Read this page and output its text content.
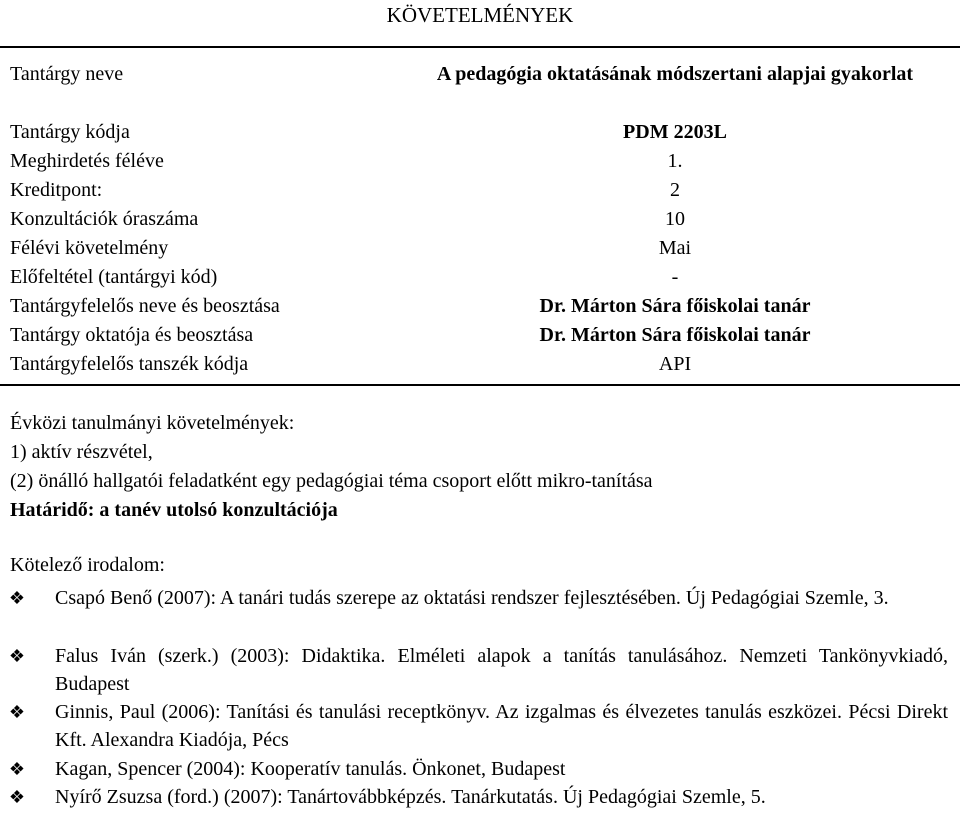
KÖVETELMÉNYEK
Tantárgy neve	A pedagógia oktatásának módszertani alapjai gyakorlat
Tantárgy kódja	PDM 2203L
Meghirdetés féléve	1.
Kreditpont:	2
Konzultációk óraszáma	10
Félévi követelmény	Mai
Előfeltétel (tantárgyi kód)	-
Tantárgyfelelős neve és beosztása	Dr. Márton Sára főiskolai tanár
Tantárgy oktatója és beosztása	Dr. Márton Sára főiskolai tanár
Tantárgyfelelős tanszék kódja	API
Évközi tanulmányi követelmények:
1) aktív részvétel,
(2) önálló hallgatói feladatként egy pedagógiai téma csoport előtt mikro-tanítása
Határidő: a tanév utolsó konzultációja
Kötelező irodalom:
❖ Csapó Benő (2007): A tanári tudás szerepe az oktatási rendszer fejlesztésében. Új Pedagógiai Szemle, 3.
❖ Falus Iván (szerk.) (2003): Didaktika. Elméleti alapok a tanítás tanulásához. Nemzeti Tankönyvkiadó, Budapest
❖ Ginnis, Paul (2006): Tanítási és tanulási receptkönyv. Az izgalmas és élvezetes tanulás eszközei. Pécsi Direkt Kft. Alexandra Kiadója, Pécs
❖ Kagan, Spencer (2004): Kooperatív tanulás. Önkonet, Budapest
❖ Nyírő Zsuzsa (ford.) (2007): Tanártovábbképzés. Tanárkutatás. Új Pedagógiai Szemle, 5.
